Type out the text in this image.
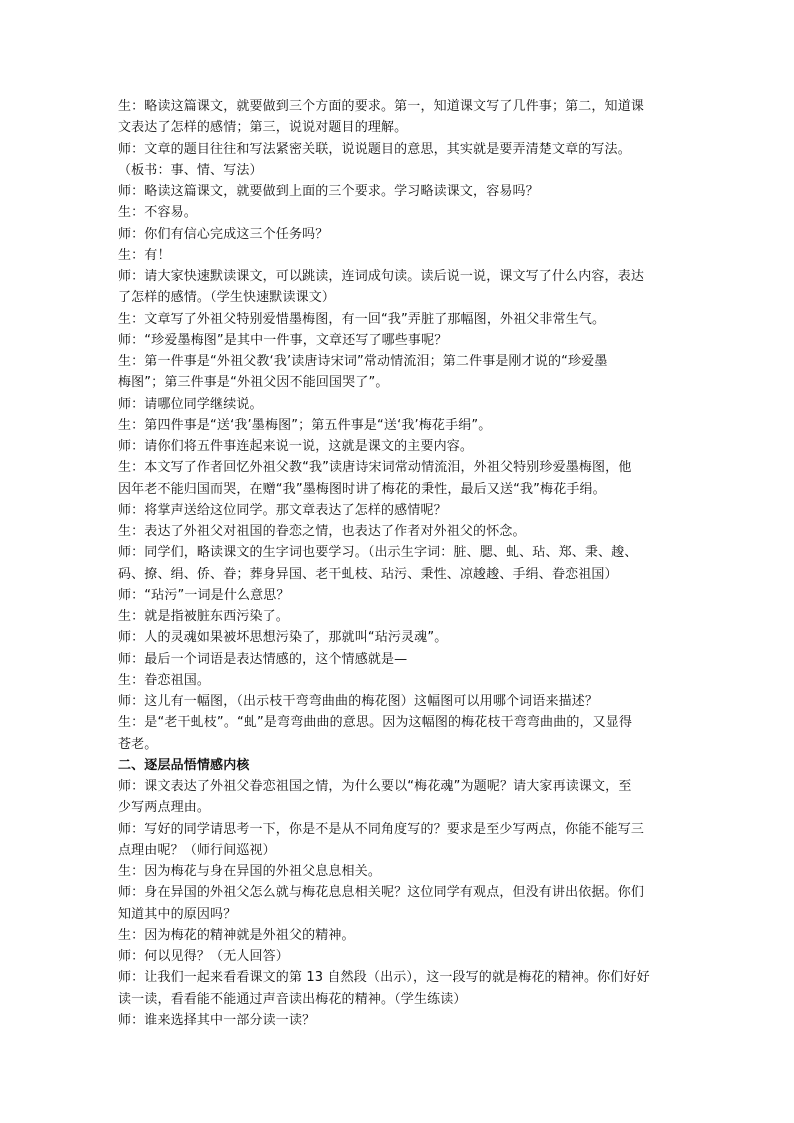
生：略读这篇课文，就要做到三个方面的要求。第一，知道课文写了几件事；第二，知道课
文表达了怎样的感情；第三，说说对题目的理解。
师：文章的题目往往和写法紧密关联，说说题目的意思，其实就是要弄清楚文章的写法。
（板书：事、情、写法）
师：略读这篇课文，就要做到上面的三个要求。学习略读课文，容易吗？
生：不容易。
师：你们有信心完成这三个任务吗？
生：有！
师：请大家快速默读课文，可以跳读，连词成句读。读后说一说，课文写了什么内容，表达
了怎样的感情。（学生快速默读课文）
生：文章写了外祖父特别爱惜墨梅图，有一回“我”弄脏了那幅图，外祖父非常生气。
师：“珍爱墨梅图”是其中一件事，文章还写了哪些事呢？
生：第一件事是“外祖父教‘我’读唐诗宋词”常动情流泪；第二件事是刚才说的“珍爱墨
梅图”；第三件事是“外祖父因不能回国哭了”。
师：请哪位同学继续说。
生：第四件事是“送‘我’墨梅图”；第五件事是“送‘我’梅花手绢”。
师：请你们将五件事连起来说一说，这就是课文的主要内容。
生：本文写了作者回忆外祖父教“我”读唐诗宋词常动情流泪，外祖父特别珍爱墨梅图，他
因年老不能归国而哭，在赠“我”墨梅图时讲了梅花的秉性，最后又送“我”梅花手绢。
师：将掌声送给这位同学。那文章表达了怎样的感情呢？
生：表达了外祖父对祖国的眷恋之情，也表达了作者对外祖父的怀念。
师：同学们，略读课文的生字词也要学习。（出示生字词：脏、腮、虬、玷、郑、秉、䞭、
码、撩、绢、侨、眷；葬身异国、老干虬枝、玷污、秉性、凉䞭䞭、手绢、眷恋祖国）
师：“玷污”一词是什么意思？
生：就是指被脏东西污染了。
师：人的灵魂如果被坏思想污染了，那就叫“玷污灵魂”。
师：最后一个词语是表达情感的，这个情感就是—
生：眷恋祖国。
师：这儿有一幅图，（出示枝干弯弯曲曲的梅花图）这幅图可以用哪个词语来描述？
生：是“老干虬枝”。“虬”是弯弯曲曲的意思。因为这幅图的梅花枝干弯弯曲曲的，又显得
苍老。
二、逐层品悟情感内核
师：课文表达了外祖父眷恋祖国之情，为什么要以“梅花魂”为题呢？请大家再读课文，至
少写两点理由。
师：写好的同学请思考一下，你是不是从不同角度写的？要求是至少写两点，你能不能写三
点理由呢？（师行间巡视）
生：因为梅花与身在异国的外祖父息息相关。
师：身在异国的外祖父怎么就与梅花息息相关呢？这位同学有观点，但没有讲出依据。你们
知道其中的原因吗？
生：因为梅花的精神就是外祖父的精神。
师：何以见得？（无人回答）
师：让我们一起来看看课文的第 13 自然段（出示），这一段写的就是梅花的精神。你们好好
读一读，看看能不能通过声音读出梅花的精神。（学生练读）
师：谁来选择其中一部分读一读？
